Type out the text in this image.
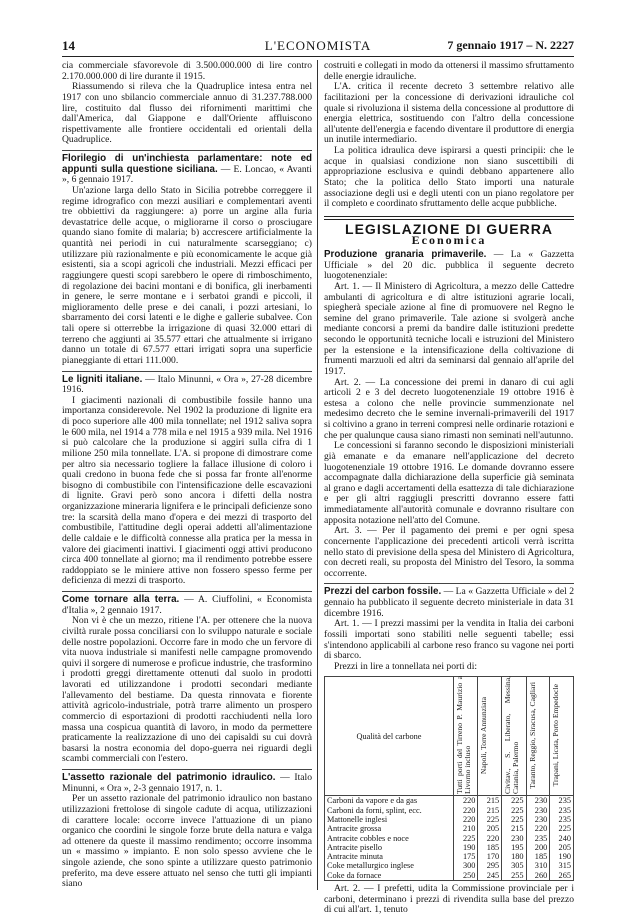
14	L'ECONOMISTA	7 gennaio 1917 – N. 2227

cia commerciale sfavorevole di 3.500.000.000 di lire contro 2.170.000.000 di lire durante il 1915.

Riassumendo si rileva che la Quadruplice intesa entra nel 1917 con uno sbilancio commerciale annuo di 31.237.788.000 lire, costituito dal flusso dei rifornimenti marittimi che dall'America, dal Giappone e dall'Oriente affluiscono rispettivamente alle frontiere occidentali ed orientali della Quadruplice.

Florilegio di un'inchiesta parlamentare: note ed appunti sulla questione siciliana. — E. Loncao, « Avanti », 6 gennaio 1917.

Un'azione larga dello Stato in Sicilia potrebbe correggere il regime idrografico con mezzi ausiliari e complementari aventi tre obbiettivi da raggiungere: a) porre un argine alla furia devastatrice delle acque, o migliorarne il corso o prosciugare quando siano fomite di malaria; b) accrescere artificialmente la quantità nei periodi in cui naturalmente scarseggiano; c) utilizzare più razionalmente e più economicamente le acque già esistenti, sia a scopi agricoli che industriali. Mezzi efficaci per raggiungere questi scopi sarebbero le opere di rimboschimento, di regolazione dei bacini montani e di bonifica, gli inerbamenti in genere, le serre montane e i serbatoi grandi e piccoli, il miglioramento delle prese e dei canali, i pozzi artesiani, lo sbarramento dei corsi latenti e le dighe e gallerie subalvee. Con tali opere si otterrebbe la irrigazione di quasi 32.000 ettari di terreno che aggiunti ai 35.577 ettari che attualmente si irrigano danno un totale di 67.577 ettari irrigati sopra una superficie pianeggiante di ettari 111.000.

Le ligniti italiane. — Italo Minunni, « Ora », 27-28 dicembre 1916.

I giacimenti nazionali di combustibile fossile hanno una importanza considerevole. Nel 1902 la produzione di lignite era di poco superiore alle 400 mila tonnellate; nel 1912 saliva sopra le 600 mila, nel 1914 a 778 mila e nel 1915 a 939 mila. Nel 1916 si può calcolare che la produzione si aggiri sulla cifra di 1 milione 250 mila tonnellate. L'A. si propone di dimostrare come per altro sia necessario togliere la fallace illusione di coloro i quali credono in buona fede che si possa far fronte all'enorme bisogno di combustibile con l'intensificazione delle escavazioni di lignite. Gravi però sono ancora i difetti della nostra organizzazione mineraria lignifera e le principali deficienze sono tre: la scarsità della mano d'opera e dei mezzi di trasporto del combustibile, l'attitudine degli operai addetti all'alimentazione delle caldaie e le difficoltà connesse alla pratica per la messa in valore dei giacimenti inattivi. I giacimenti oggi attivi producono circa 400 tonnellate al giorno; ma il rendimento potrebbe essere raddoppiato se le miniere attive non fossero spesso ferme per deficienza di mezzi di trasporto.

Come tornare alla terra. — A. Ciuffolini, « Economista d'Italia », 2 gennaio 1917.

Non vi è che un mezzo, ritiene l'A. per ottenere che la nuova civiltà rurale possa conciliarsi con lo sviluppo naturale e sociale delle nostre popolazioni. Occorre fare in modo che un fervore di vita nuova industriale si manifesti nelle campagne promovendo quivi il sorgere di numerose e proficue industrie, che trasformino i prodotti greggi direttamente ottenuti dal suolo in prodotti lavorati ed utilizzandone i prodotti secondari mediante l'allevamento del bestiame. Da questa rinnovata e fiorente attività agricolo-industriale, potrà trarre alimento un prospero commercio di esportazioni di prodotti racchiudenti nella loro massa una cospicua quantità di lavoro, in modo da permettere praticamente la realizzazione di uno dei capisaldi su cui dovrà basarsi la nostra economia del dopo-guerra nei riguardi degli scambi commerciali con l'estero.

L'assetto razionale del patrimonio idraulico. — Italo Minunni, « Ora », 2-3 gennaio 1917, n. 1.

Per un assetto razionale del patrimonio idraulico non bastano utilizzazioni frettolose di singole cadute di acqua, utilizzazioni di carattere locale: occorre invece l'attuazione di un piano organico che coordini le singole forze brute della natura e valga ad ottenere da queste il massimo rendimento; occorre insomma un « massimo » impianto. E non solo spesso avviene che le singole aziende, che sono spinte a utilizzare questo patrimonio preferito, ma deve essere attuato nel senso che tutti gli impianti siano

costruiti e collegati in modo da ottenersi il massimo sfruttamento delle energie idrauliche.

L'A. critica il recente decreto 3 settembre relativo alle facilitazioni per la concessione di derivazioni idrauliche col quale si rivoluziona il sistema della concessione al produttore di energia elettrica, sostituendo con l'altro della concessione all'utente dell'energia e facendo diventare il produttore di energia un inutile intermediario.

La politica idraulica deve ispirarsi a questi principii: che le acque in qualsiasi condizione non siano suscettibili di appropriazione esclusiva e quindi debbano appartenere allo Stato; che la politica dello Stato importi una naturale associazione degli usi e degli utenti con un piano regolatore per il completo e coordinato sfruttamento delle acque pubbliche.

LEGISLAZIONE DI GUERRA
Economica

Produzione granaria primaverile. — La « Gazzetta Ufficiale » del 20 dic. pubblica il seguente decreto luogotenenziale:

Art. 1. — Il Ministero di Agricoltura, a mezzo delle Cattedre ambulanti di agricoltura e di altre istituzioni agrarie locali, spiegherà speciale azione al fine di promuovere nel Regno le semine del grano primaverile. Tale azione si svolgerà anche mediante concorsi a premi da bandire dalle istituzioni predette secondo le opportunità tecniche locali e istruzioni del Ministero per la estensione e la intensificazione della coltivazione di frumenti marzuoli ed altri da seminarsi dal gennaio all'aprile del 1917.

Art. 2. — La concessione dei premi in danaro di cui agli articoli 2 e 3 del decreto luogotenenziale 19 ottobre 1916 è estesa a colono che nelle provincie summenzionate nel medesimo decreto che le semine invernali-primaverili del 1917 si coltivino a grano in terreni compresi nelle ordinarie rotazioni e che per qualunque causa siano rimasti non seminati nell'autunno.

Le concessioni si faranno secondo le disposizioni ministeriali già emanate e da emanare nell'applicazione del decreto luogotenenziale 19 ottobre 1916. Le domande dovranno essere accompagnate dalla dichiarazione della superficie già seminata al grano e dagli accertamenti della esattezza di tale dichiarazione e per gli altri raggiugli prescritti dovranno essere fatti immediatamente all'autorità comunale e dovranno risultare con apposita notazione nell'atto del Comune.

Art. 3. — Per il pagamento dei premi e per ogni spesa concernente l'applicazione dei precedenti articoli verrà iscritta nello stato di previsione della spesa del Ministero di Agricoltura, con decreti reali, su proposta del Ministro del Tesoro, la somma occorrente.

Prezzi del carbon fossile. — La « Gazzetta Ufficiale » del 2 gennaio ha pubblicato il seguente decreto ministeriale in data 31 dicembre 1916.

Art. 1. — I prezzi massimi per la vendita in Italia dei carboni fossili importati sono stabiliti nelle seguenti tabelle; essi s'intendono applicabili al carbone reso franco su vagone nei porti di sbarco.

Prezzi in lire a tonnellata nei porti di:

Qualità del carbone	Tutti porti del Tirreno P. Maurizio a Livorno incluso	Napoli, Torre Annunziata	Civitav., S. Liberato, Messina, Catania, Palermo	Taranto, Reggio, Siracusa, Cagliari	Trapani, Licata, Porto Empedocle
Carboni da vapore e da gas	220	215	225	230	235
Carboni da forni, splint, ecc.	220	215	225	230	235
Mattonelle inglesi	220	225	225	230	235
Antracite grossa	210	205	215	220	225
Antracite cobbles e noce	225	220	230	235	240
Antracite pisello	190	185	195	200	205
Antracite minuta	175	170	180	185	190
Coke metallurgico inglese	300	295	305	310	315
Coke da fornace	250	245	255	260	265

Art. 2. — I prefetti, udita la Commissione provinciale per i carboni, determinano i prezzi di rivendita sulla base del prezzo di cui all'art. 1, tenuto
